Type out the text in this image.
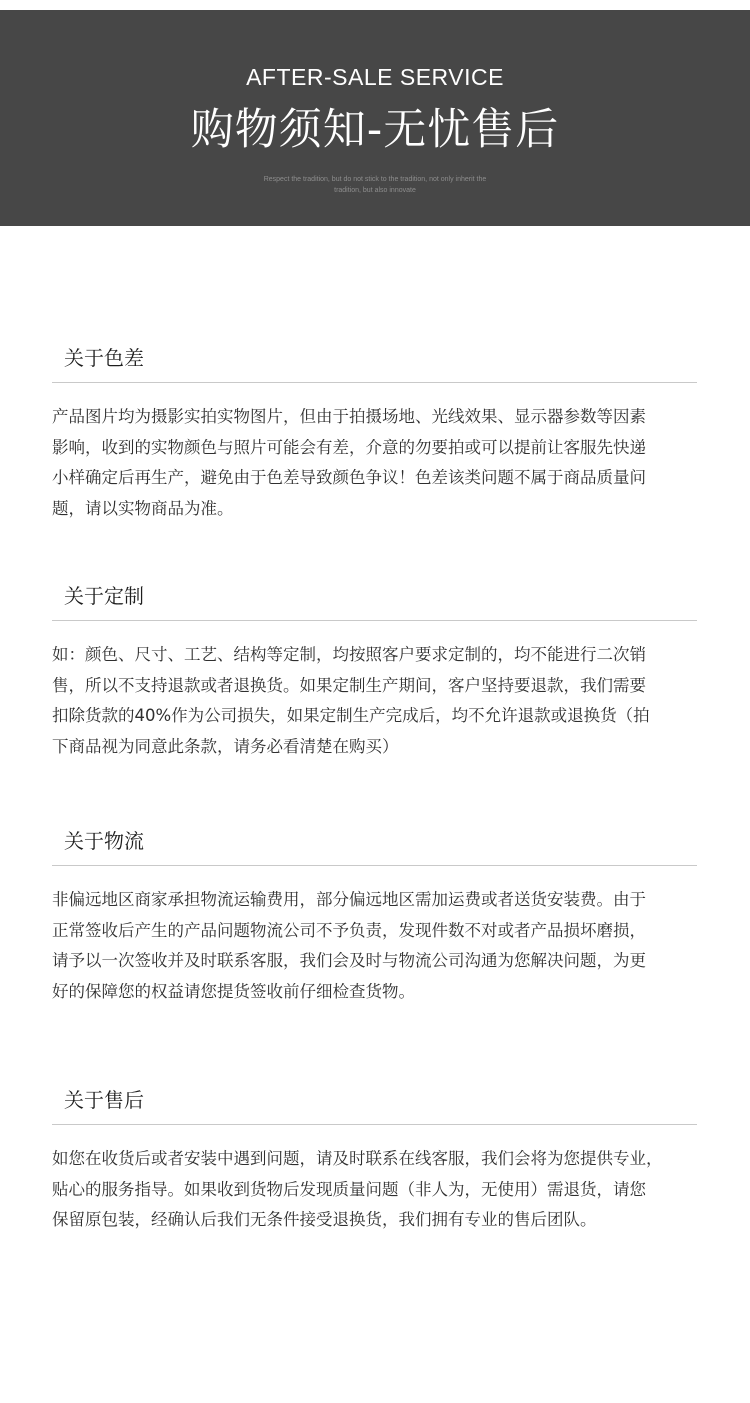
AFTER-SALE SERVICE
购物须知-无忧售后
Respect the tradition, but do not stick to the tradition, not only inherit the
tradition, but also innovate
关于色差
产品图片均为摄影实拍实物图片，但由于拍摄场地、光线效果、显示器参数等因素
影响，收到的实物颜色与照片可能会有差，介意的勿要拍或可以提前让客服先快递
小样确定后再生产，避免由于色差导致颜色争议！色差该类问题不属于商品质量问
题，请以实物商品为准。
关于定制
如：颜色、尺寸、工艺、结构等定制，均按照客户要求定制的，均不能进行二次销
售，所以不支持退款或者退换货。如果定制生产期间，客户坚持要退款，我们需要
扣除货款的40%作为公司损失，如果定制生产完成后，均不允许退款或退换货（拍
下商品视为同意此条款，请务必看清楚在购买）
关于物流
非偏远地区商家承担物流运输费用，部分偏远地区需加运费或者送货安装费。由于
正常签收后产生的产品问题物流公司不予负责，发现件数不对或者产品损坏磨损，
请予以一次签收并及时联系客服，我们会及时与物流公司沟通为您解决问题，为更
好的保障您的权益请您提货签收前仔细检查货物。
关于售后
如您在收货后或者安装中遇到问题，请及时联系在线客服，我们会将为您提供专业，
贴心的服务指导。如果收到货物后发现质量问题（非人为，无使用）需退货，请您
保留原包装，经确认后我们无条件接受退换货，我们拥有专业的售后团队。
